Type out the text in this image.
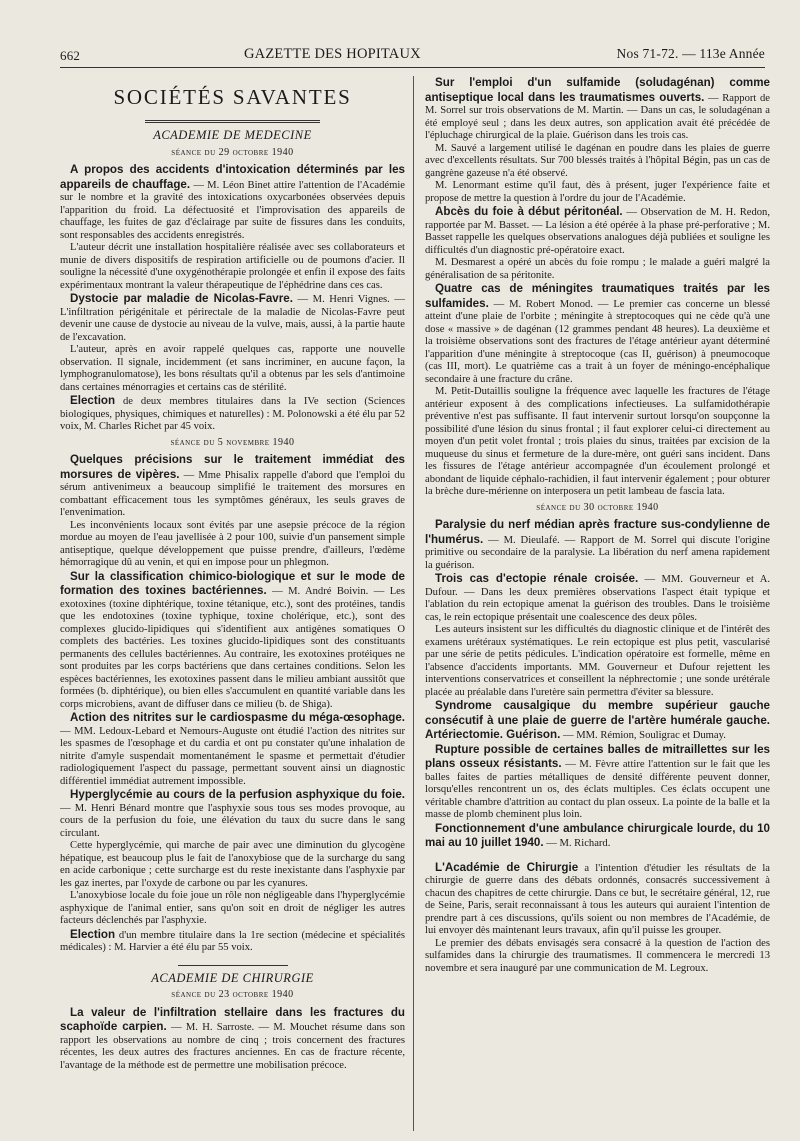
662	GAZETTE DES HOPITAUX	Nos 71-72. — 113e Année
SOCIÉTÉS SAVANTES
ACADEMIE DE MEDECINE
séance du 29 octobre 1940

A propos des accidents d'intoxication déterminés par les appareils de chauffage. — M. Léon Binet attire l'attention de l'Académie sur le nombre et la gravité des intoxications oxycarbonées observées depuis l'apparition du froid. La défectuosité et l'improvisation des appareils de chauffage, les fuites de gaz d'éclairage par suite de fissures dans les conduits, sont responsables des accidents enregistrés.

L'auteur décrit une installation hospitalière réalisée avec ses collaborateurs et munie de divers dispositifs de respiration artificielle ou de poumons d'acier. Il souligne la nécessité d'une oxygénothérapie prolongée et enfin il expose des faits expérimentaux montrant la valeur thérapeutique de l'éphédrine dans ces cas.

Dystocie par maladie de Nicolas-Favre. — M. Henri Vignes. — L'infiltration périgénitale et périrectale de la maladie de Nicolas-Favre peut devenir une cause de dystocie au niveau de la vulve, mais, aussi, à la partie haute de l'excavation.

L'auteur, après en avoir rappelé quelques cas, rapporte une nouvelle observation. Il signale, incidemment (et sans incriminer, en aucune façon, la lymphogranulomatose), les bons résultats qu'il a obtenus par les sels d'antimoine dans certaines ménorragies et certains cas de stérilité.

Election de deux membres titulaires dans la IVe section (Sciences biologiques, physiques, chimiques et naturelles) : M. Polonowski a été élu par 52 voix, M. Charles Richet par 45 voix.

séance du 5 novembre 1940

Quelques précisions sur le traitement immédiat des morsures de vipères. — Mme Phisalix rappelle d'abord que l'emploi du sérum antivenimeux a beaucoup simplifié le traitement des morsures en combattant efficacement tous les symptômes généraux, les seuls graves de l'envenimation.

Les inconvénients locaux sont évités par une asepsie précoce de la région mordue au moyen de l'eau javellisée à 2 pour 100, suivie d'un pansement simple antiseptique, quelque développement que puisse prendre, d'ailleurs, l'œdème hémorragique dû au venin, et qui en impose pour un phlegmon.

Sur la classification chimico-biologique et sur le mode de formation des toxines bactériennes. — M. André Boivin. — Les exotoxines (toxine diphtérique, toxine tétanique, etc.), sont des protéines, tandis que les endotoxines (toxine typhique, toxine cholérique, etc.), sont des complexes glucido-lipidiques qui s'identifient aux antigènes somatiques O complets des bactéries. Les toxines glucido-lipidiques sont des constituants permanents des cellules bactériennes. Au contraire, les exotoxines protéiques ne sont produites par les corps bactériens que dans certaines conditions. Selon les espèces bactériennes, les exotoxines passent dans le milieu ambiant aussitôt que formées (b. diphtérique), ou bien elles s'accumulent en quantité variable dans les corps microbiens, avant de diffuser dans ce milieu (b. de Shiga).

Action des nitrites sur le cardiospasme du méga-œsophage. — MM. Ledoux-Lebard et Nemours-Auguste ont étudié l'action des nitrites sur les spasmes de l'œsophage et du cardia et ont pu constater qu'une inhalation de nitrite d'amyle suspendait momentanément le spasme et permettait d'étudier radiologiquement l'aspect du passage, permettant souvent ainsi un diagnostic différentiel immédiat autrement impossible.

Hyperglycémie au cours de la perfusion asphyxique du foie. — M. Henri Bénard montre que l'asphyxie sous tous ses modes provoque, au cours de la perfusion du foie, une élévation du taux du sucre dans le sang circulant.

Cette hyperglycémie, qui marche de pair avec une diminution du glycogène hépatique, est beaucoup plus le fait de l'anoxybiose que de la surcharge du sang en acide carbonique ; cette surcharge est du reste inexistante dans l'asphyxie par les gaz inertes, par l'oxyde de carbone ou par les cyanures.

L'anoxybiose locale du foie joue un rôle non négligeable dans l'hyperglycémie asphyxique de l'animal entier, sans qu'on soit en droit de négliger les autres facteurs déclenchés par l'asphyxie.

Election d'un membre titulaire dans la 1re section (médecine et spécialités médicales) : M. Harvier a été élu par 55 voix.

ACADEMIE DE CHIRURGIE
séance du 23 octobre 1940

La valeur de l'infiltration stellaire dans les fractures du scaphoïde carpien. — M. H. Sarroste. — M. Mouchet résume dans son rapport les observations au nombre de cinq ; trois concernent des fractures récentes, les deux autres des fractures anciennes. En cas de fracture récente, l'avantage de la méthode est de permettre une mobilisation précoce.

Sur l'emploi d'un sulfamide (soludagénan) comme antiseptique local dans les traumatismes ouverts. — Rapport de M. Sorrel sur trois observations de M. Martin. — Dans un cas, le soludagénan a été employé seul ; dans les deux autres, son application avait été précédée de l'épluchage chirurgical de la plaie. Guérison dans les trois cas.

M. Sauvé a largement utilisé le dagénan en poudre dans les plaies de guerre avec d'excellents résultats. Sur 700 blessés traités à l'hôpital Bégin, pas un cas de gangrène gazeuse n'a été observé.

M. Lenormant estime qu'il faut, dès à présent, juger l'expérience faite et propose de mettre la question à l'ordre du jour de l'Académie.

Abcès du foie à début péritonéal. — Observation de M. H. Redon, rapportée par M. Basset. — La lésion a été opérée à la phase pré-perforative ; M. Basset rappelle les quelques observations analogues déjà publiées et souligne les difficultés d'un diagnostic pré-opératoire exact.

M. Desmarest a opéré un abcès du foie rompu ; le malade a guéri malgré la généralisation de sa péritonite.

Quatre cas de méningites traumatiques traités par les sulfamides. — M. Robert Monod. — Le premier cas concerne un blessé atteint d'une plaie de l'orbite ; méningite à streptocoques qui ne cède qu'à une dose « massive » de dagénan (12 grammes pendant 48 heures). La deuxième et la troisième observations sont des fractures de l'étage antérieur ayant déterminé l'apparition d'une méningite à streptocoque (cas II, guérison) à pneumocoque (cas III, mort). Le quatrième cas a trait à un foyer de méningo-encéphalique secondaire à une fracture du crâne.

M. Petit-Dutaillis souligne la fréquence avec laquelle les fractures de l'étage antérieur exposent à des complications infectieuses. La sulfamidothérapie préventive n'est pas suffisante. Il faut intervenir surtout lorsqu'on soupçonne la possibilité d'une lésion du sinus frontal ; il faut explorer celui-ci directement au moyen d'un petit volet frontal ; trois plaies du sinus, traitées par excision de la muqueuse du sinus et fermeture de la dure-mère, ont guéri sans incident. Dans les fissures de l'étage antérieur accompagnée d'un écoulement prolongé et abondant de liquide céphalo-rachidien, il faut intervenir également ; pour obturer la brèche dure-mérienne on interposera un petit lambeau de fascia lata.

séance du 30 octobre 1940

Paralysie du nerf médian après fracture sus-condylienne de l'humérus. — M. Dieulafé. — Rapport de M. Sorrel qui discute l'origine primitive ou secondaire de la paralysie. La libération du nerf amena rapidement la guérison.

Trois cas d'ectopie rénale croisée. — MM. Gouverneur et A. Dufour. — Dans les deux premières observations l'aspect était typique et l'ablation du rein ectopique amenat la guérison des troubles. Dans le troisième cas, le rein ectopique présentait une coalescence des deux pôles.

Les auteurs insistent sur les difficultés du diagnostic clinique et de l'intérêt des examens urétéraux systématiques. Le rein ectopique est plus petit, vascularisé par une série de petits pédicules. L'indication opératoire est formelle, même en l'absence d'accidents importants. MM. Gouverneur et Dufour rejettent les interventions conservatrices et conseillent la néphrectomie ; une sonde urétérale placée au préalable dans l'uretère sain permettra d'éviter sa blessure.

Syndrome causalgique du membre supérieur gauche consécutif à une plaie de guerre de l'artère humérale gauche. Artériectomie. Guérison. — MM. Rémion, Souligrac et Dumay.

Rupture possible de certaines balles de mitraillettes sur les plans osseux résistants. — M. Fèvre attire l'attention sur le fait que les balles faites de parties métalliques de densité différente peuvent donner, lorsqu'elles rencontrent un os, des éclats multiples. Ces éclats occupent une véritable chambre d'attrition au contact du plan osseux. La pointe de la balle et la masse de plomb cheminent plus loin.

Fonctionnement d'une ambulance chirurgicale lourde, du 10 mai au 10 juillet 1940. — M. Richard.

L'Académie de Chirurgie a l'intention d'étudier les résultats de la chirurgie de guerre dans des débats ordonnés, consacrés successivement à chacun des chapitres de cette chirurgie. Dans ce but, le secrétaire général, 12, rue de Seine, Paris, serait reconnaissant à tous les auteurs qui auraient l'intention de prendre part à ces discussions, qu'ils soient ou non membres de l'Académie, de lui envoyer dès maintenant leurs travaux, afin qu'il puisse les grouper.

Le premier des débats envisagés sera consacré à la question de l'action des sulfamides dans la chirurgie des traumatismes. Il commencera le mercredi 13 novembre et sera inauguré par une communication de M. Legroux.
